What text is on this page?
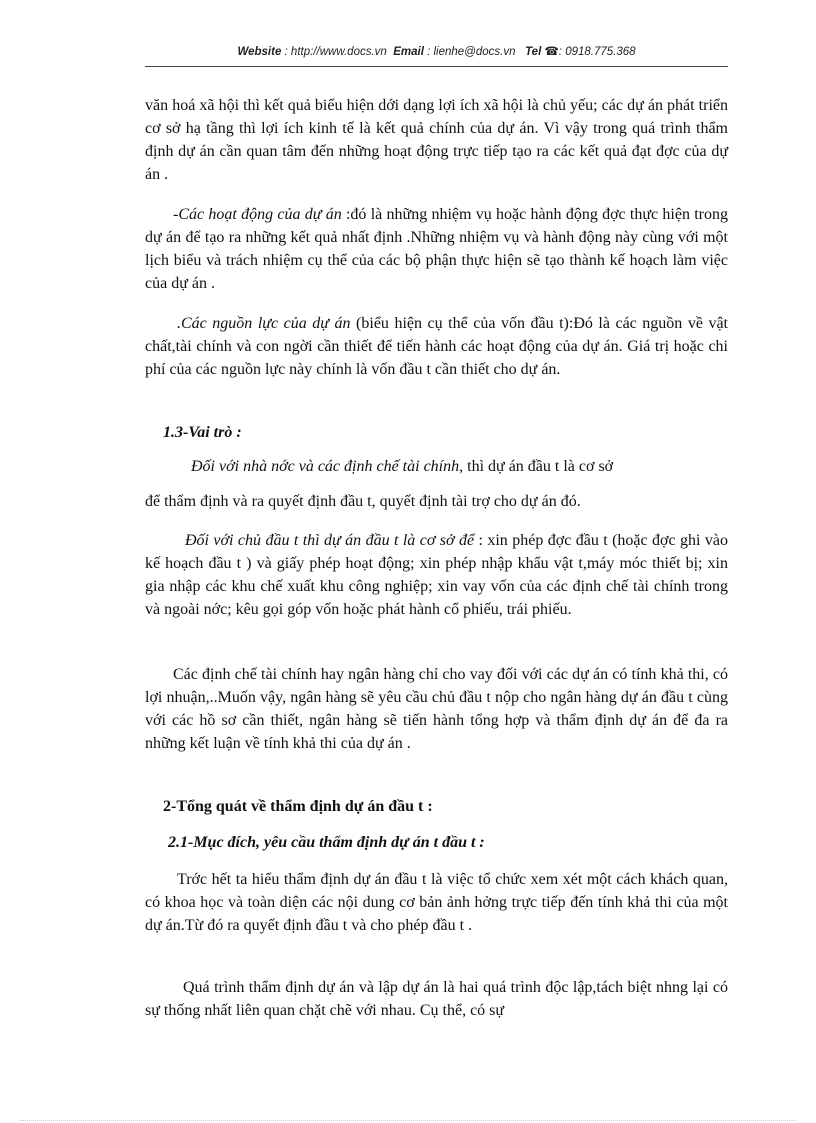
Website : http://www.docs.vn Email : lienhe@docs.vn Tel ☎: 0918.775.368

văn hoá xã hội thì kết quả biểu hiện dới dạng lợi ích xã hội là chủ yếu; các dự án phát triển cơ sở hạ tầng thì lợi ích kinh tế là kết quả chính của dự án. Vì vậy trong quá trình thẩm định dự án cần quan tâm đến những hoạt động trực tiếp tạo ra các kết quả đạt đợc của dự án .

-Các hoạt động của dự án :đó là những nhiệm vụ hoặc hành động đợc thực hiện trong dự án để tạo ra những kết quả nhất định .Những nhiệm vụ và hành động này cùng với một lịch biểu và trách nhiệm cụ thể của các bộ phận thực hiện sẽ tạo thành kế hoạch làm việc của dự án .

.Các nguồn lực của dự án (biểu hiện cụ thể của vốn đầu t):Đó là các nguồn về vật chất,tài chính và con ngời cần thiết để tiến hành các hoạt động của dự án. Giá trị hoặc chi phí của các nguồn lực này chính là vốn đầu t cần thiết cho dự án.

1.3-Vai trò :

Đối với nhà nớc và các định chế tài chính, thì dự án đầu t là cơ sở

để thẩm định và ra quyết định đầu t, quyết định tài trợ cho dự án đó.

Đối với chủ đầu t thì dự án đầu t là cơ sở để : xin phép đợc đầu t (hoặc đợc ghi vào kế hoạch đầu t ) và giấy phép hoạt động; xin phép nhập khẩu vật t,máy móc thiết bị; xin gia nhập các khu chế xuất khu công nghiệp; xin vay vốn của các định chế tài chính trong và ngoài nớc; kêu gọi góp vốn hoặc phát hành cổ phiếu, trái phiếu.

Các định chế tài chính hay ngân hàng chỉ cho vay đối với các dự án có tính khả thi, có lợi nhuận,..Muốn vậy, ngân hàng sẽ yêu cầu chủ đầu t nộp cho ngân hàng dự án đầu t cùng với các hồ sơ cần thiết, ngân hàng sẽ tiến hành tổng hợp và thẩm định dự án để đa ra những kết luận về tính khả thi của dự án .

2-Tổng quát về thẩm định dự án đầu t :

2.1-Mục đích, yêu cầu thẩm định dự án t đầu t :

Trớc hết ta hiểu thẩm định dự án đầu t là việc tổ chức xem xét một cách khách quan, có khoa học và toàn diện các nội dung cơ bản ảnh hởng trực tiếp đến tính khả thi của một dự án.Từ đó ra quyết định đầu t và cho phép đầu t .

Quá trình thẩm định dự án và lập dự án là hai quá trình độc lập,tách biệt nhng lại có sự thống nhất liên quan chặt chẽ với nhau. Cụ thể, có sự
